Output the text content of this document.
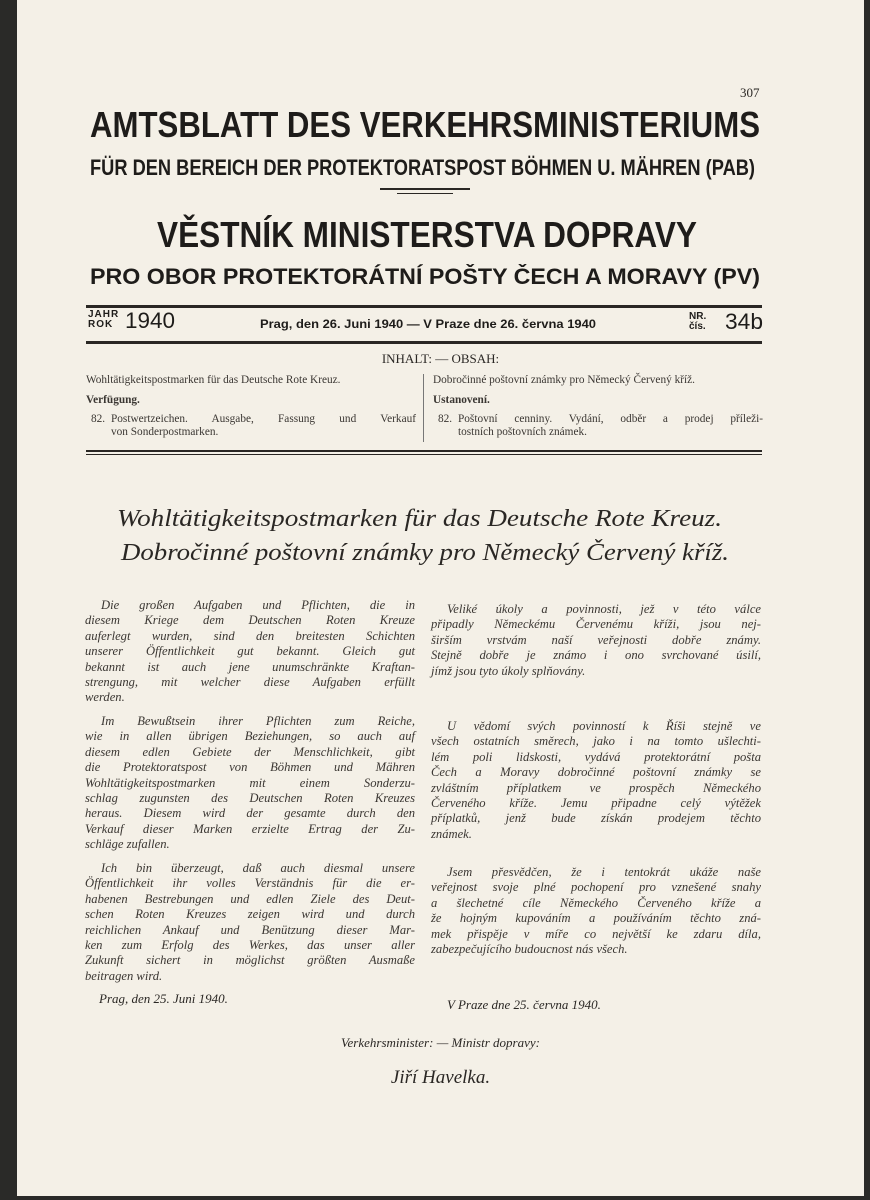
307
AMTSBLATT DES VERKEHRSMINISTERIUMS
FÜR DEN BEREICH DER PROTEKTORATSPOST BÖHMEN U. MÄHREN (PAB)
VĚSTNÍK MINISTERSTVA DOPRAVY
PRO OBOR PROTEKTORÁTNÍ POŠTY ČECH A MORAVY (PV)
JAHR
ROK 1940	Prag, den 26. Juni 1940 — V Praze dne 26. června 1940
NR.
čís. 34b
INHALT: — OBSAH:
Wohltätigkeitspostmarken für das Deutsche Rote Kreuz.
Verfügung.
82. Postwertzeichen. Ausgabe, Fassung und Verkauf
von Sonderpostmarken.
Dobročinné poštovní známky pro Německý Červený kříž.
Ustanovení.
82. Poštovní cenniny. Vydání, odběr a prodej příleži-
tostních poštovních známek.
Wohltätigkeitspostmarken für das Deutsche Rote Kreuz.
Dobročinné poštovní známky pro Německý Červený kříž.
Die großen Aufgaben und Pflichten, die in
diesem Kriege dem Deutschen Roten Kreuze
auferlegt wurden, sind den breitesten Schichten
unserer Öffentlichkeit gut bekannt. Gleich gut
bekannt ist auch jene unumschränkte Kraftan-
strengung, mit welcher diese Aufgaben erfüllt
werden.
Im Bewußtsein ihrer Pflichten zum Reiche,
wie in allen übrigen Beziehungen, so auch auf
diesem edlen Gebiete der Menschlichkeit, gibt
die Protektoratspost von Böhmen und Mähren
Wohltätigkeitspostmarken mit einem Sonderzu-
schlag zugunsten des Deutschen Roten Kreuzes
heraus. Diesem wird der gesamte durch den
Verkauf dieser Marken erzielte Ertrag der Zu-
schläge zufallen.
Ich bin überzeugt, daß auch diesmal unsere
Öffentlichkeit ihr volles Verständnis für die er-
habenen Bestrebungen und edlen Ziele des Deut-
schen Roten Kreuzes zeigen wird und durch
reichlichen Ankauf und Benützung dieser Mar-
ken zum Erfolg des Werkes, das unser aller
Zukunft sichert in möglichst größten Ausmaße
beitragen wird.
Veliké úkoly a povinnosti, jež v této válce
připadly Německému Červenému kříži, jsou nej-
širším vrstvám naší veřejnosti dobře známy.
Stejně dobře je známo i ono svrchované úsilí,
jímž jsou tyto úkoly splňovány.
U vědomí svých povinností k Říši stejně ve
všech ostatních směrech, jako i na tomto ušlechti-
lém poli lidskosti, vydává protektorátní pošta
Čech a Moravy dobročinné poštovní známky se
zvláštním příplatkem ve prospěch Německého
Červeného kříže. Jemu připadne celý výtěžek
příplatků, jenž bude získán prodejem těchto
známek.
Jsem přesvědčen, že i tentokrát ukáže naše
veřejnost svoje plné pochopení pro vznešené snahy
a šlechetné cíle Německého Červeného kříže a
že hojným kupováním a používáním těchto zná-
mek přispěje v míře co největší ke zdaru díla,
zabezpečujícího budoucnost nás všech.
Prag, den 25. Juni 1940.	V Praze dne 25. června 1940.
Verkehrsminister: — Ministr dopravy:
Jiří Havelka.
